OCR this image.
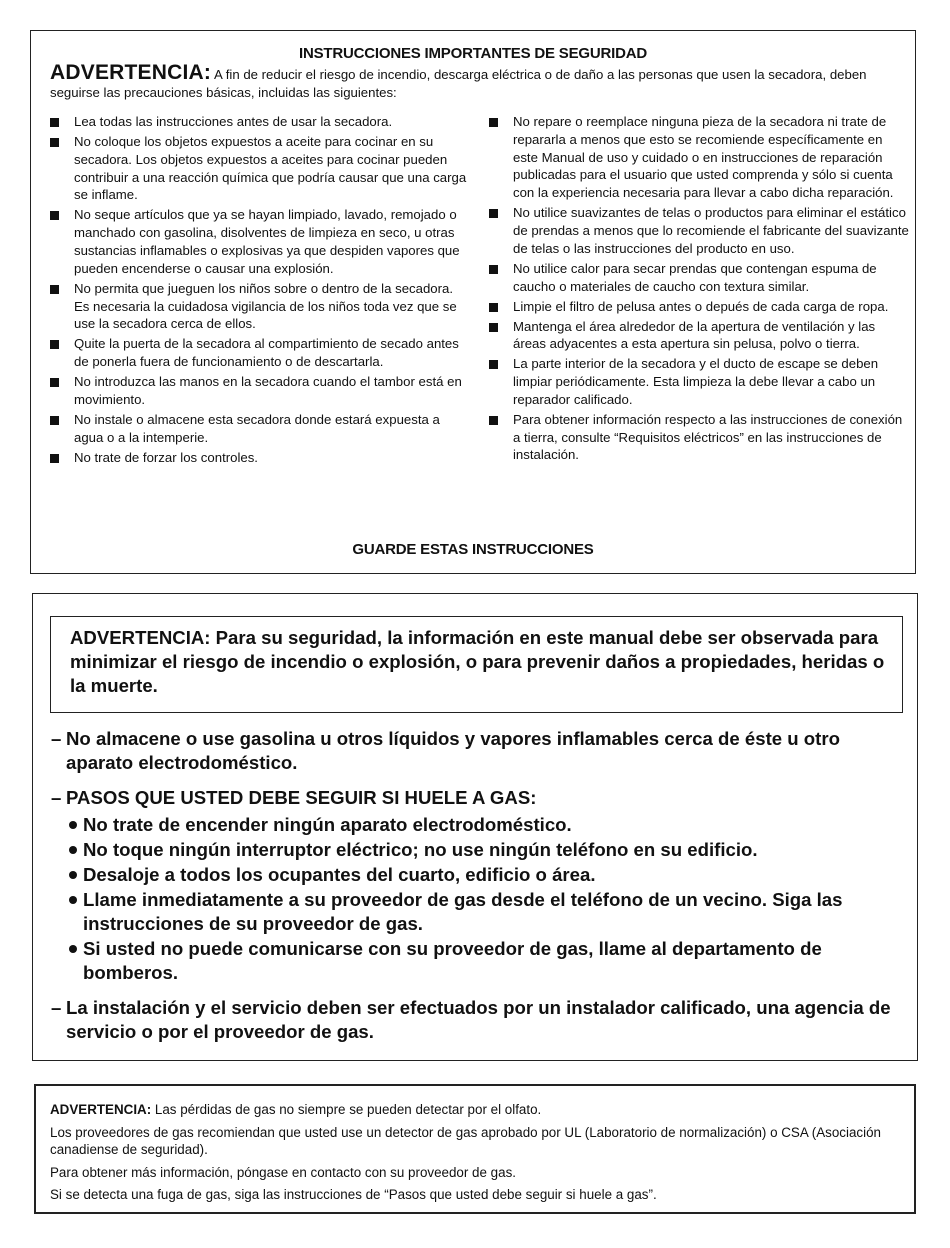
INSTRUCCIONES IMPORTANTES DE SEGURIDAD
ADVERTENCIA: A fin de reducir el riesgo de incendio, descarga eléctrica o de daño a las personas que usen la secadora, deben seguirse las precauciones básicas, incluidas las siguientes:
Lea todas las instrucciones antes de usar la secadora.
No coloque los objetos expuestos a aceite para cocinar en su secadora. Los objetos expuestos a aceites para cocinar pueden contribuir a una reacción química que podría causar que una carga se inflame.
No seque artículos que ya se hayan limpiado, lavado, remojado o manchado con gasolina, disolventes de limpieza en seco, u otras sustancias inflamables o explosivas ya que despiden vapores que pueden encenderse o causar una explosión.
No permita que jueguen los niños sobre o dentro de la secadora. Es necesaria la cuidadosa vigilancia de los niños toda vez que se use la secadora cerca de ellos.
Quite la puerta de la secadora al compartimiento de secado antes de ponerla fuera de funcionamiento o de descartarla.
No introduzca las manos en la secadora cuando el tambor está en movimiento.
No instale o almacene esta secadora donde estará expuesta a agua o a la intemperie.
No trate de forzar los controles.
No repare o reemplace ninguna pieza de la secadora ni trate de repararla a menos que esto se recomiende específicamente en este Manual de uso y cuidado o en instrucciones de reparación publicadas para el usuario que usted comprenda y sólo si cuenta con la experiencia necesaria para llevar a cabo dicha reparación.
No utilice suavizantes de telas o productos para eliminar el estático de prendas a menos que lo recomiende el fabricante del suavizante de telas o las instrucciones del producto en uso.
No utilice calor para secar prendas que contengan espuma de caucho o materiales de caucho con textura similar.
Limpie el filtro de pelusa antes o depués de cada carga de ropa.
Mantenga el área alrededor de la apertura de ventilación y las áreas adyacentes a esta apertura sin pelusa, polvo o tierra.
La parte interior de la secadora y el ducto de escape se deben limpiar periódicamente. Esta limpieza la debe llevar a cabo un reparador calificado.
Para obtener información respecto a las instrucciones de conexión a tierra, consulte “Requisitos eléctricos” en las instrucciones de instalación.
GUARDE ESTAS INSTRUCCIONES
ADVERTENCIA: Para su seguridad, la información en este manual debe ser observada para minimizar el riesgo de incendio o explosión, o para prevenir daños a propiedades, heridas o la muerte.
– No almacene o use gasolina u otros líquidos y vapores inflamables cerca de éste u otro aparato electrodoméstico.
– PASOS QUE USTED DEBE SEGUIR SI HUELE A GAS:
No trate de encender ningún aparato electrodoméstico.
No toque ningún interruptor eléctrico; no use ningún teléfono en su edificio.
Desaloje a todos los ocupantes del cuarto, edificio o área.
Llame inmediatamente a su proveedor de gas desde el teléfono de un vecino. Siga las instrucciones de su proveedor de gas.
Si usted no puede comunicarse con su proveedor de gas, llame al departamento de bomberos.
– La instalación y el servicio deben ser efectuados por un instalador calificado, una agencia de servicio o por el proveedor de gas.

ADVERTENCIA: Las pérdidas de gas no siempre se pueden detectar por el olfato.

Los proveedores de gas recomiendan que usted use un detector de gas aprobado por UL (Laboratorio de normalización) o CSA (Asociación canadiense de seguridad).

Para obtener más información, póngase en contacto con su proveedor de gas.

Si se detecta una fuga de gas, siga las instrucciones de “Pasos que usted debe seguir si huele a gas”.
